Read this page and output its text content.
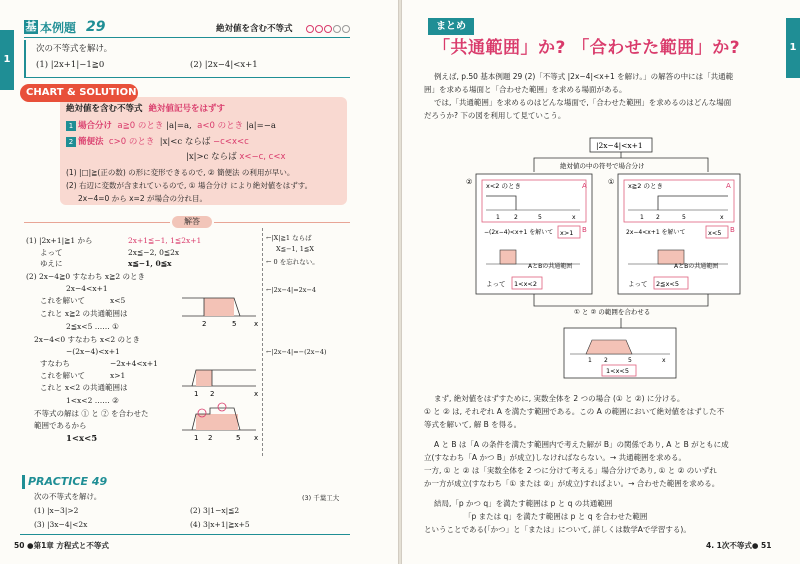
1
基 本例題 29	絶対値を含む不等式
次の不等式を解け。
(1) |2x+1|−1≧0	(2) |2x−4|<x+1
CHART & SOLUTION
絶対値を含む不等式 絶対値記号をはずす
1 場合分け a≧0 のとき |a|=a, a<0 のとき |a|=−a
2 簡便法 c>0 のとき |x|<c ならば −c<x<c
|x|>c ならば x<−c, c<x
(1) |□|≧(正の数) の形に変形できるので, ② 簡便法 の利用が早い。
(2) 右辺に変数が含まれているので, ① 場合分け により絶対値をはずす。
2x−4=0 から x=2 が場合の分れ目。
解答
(1) |2x+1|≧1 から	2x+1≦−1, 1≦2x+1
よって	2x≦−2, 0≦2x
ゆえに	x≦−1, 0≦x
(2) 2x−4≧0 すなわち x≧2 のとき
2x−4<x+1
これを解いて	x<5
これと x≧2 の共通範囲は
2≦x<5 …… ①
2x−4<0 すなわち x<2 のとき
−(2x−4)<x+1
すなわち	−2x+4<x+1
これを解いて	x>1
これと x<2 の共通範囲は
1<x<2 …… ②
不等式の解は ① と ② を合わせた
範囲であるから
1<x<5
←|X|≧1 ならば
X≦−1, 1≦X
← 0 を忘れない。
←|2x−4|=2x−4
←|2x−4|=−(2x−4)
2	5	x
1 2	x
1 2	5 x
PRACTICE 49
次の不等式を解け。	(3) 千葉工大
(1) |x−3|>2	(2) 3|1−x|≦2
(3) |3x−4|<2x	(4) 3|x+1|≧x+5
50 ●第1章 方程式と不等式
1
まとめ
「共通範囲」か? 「合わせた範囲」か?
例えば, p.50 基本例題 29 (2)「不等式 |2x−4|<x+1 を解け。」の解答の中には「共通範
囲」を求める場面と「合わせた範囲」を求める場面がある。
では,「共通範囲」を求めるのはどんな場面で,「合わせた範囲」を求めるのはどんな場面
だろうか? 下の図を利用して見ていこう。
|2x−4|<x+1
絶対値の中の符号で場合分け
② x<2 のとき	A
1 2	5	x
−(2x−4)<x+1 を解いて x>1 B
AとBの共通範囲
よって 1<x<2
① x≧2 のとき	A
1 2	5	x
2x−4<x+1 を解いて	x<5 B
AとBの共通範囲
よって 2≦x<5
① と ② の範囲を合わせる
1 2	5	x
1<x<5
まず, 絶対値をはずすために, 実数全体を 2 つの場合 (① と ②) に分ける。
① と ② は, それぞれ A を満たす範囲である。この A の範囲において絶対値をはずした不
等式を解いて, 解 B を得る。
A と B は「A の条件を満たす範囲内で考えた解が B」の関係であり, A と B がともに成
立(すなわち「A かつ B」が成立)しなければならない。→ 共通範囲を求める。
一方, ① と ② は「実数全体を 2 つに分けて考える」場合分けであり, ① と ② のいずれ
か一方が成立(すなわち「① または ②」が成立)すればよい。→ 合わせた範囲を求める。
結局,「p かつ q」を満たす範囲は p と q の共通範囲
「p または q」を満たす範囲は p と q を合わせた範囲
ということである(「かつ」と「または」について, 詳しくは数学Aで学習する)。
4. 1次不等式● 51
